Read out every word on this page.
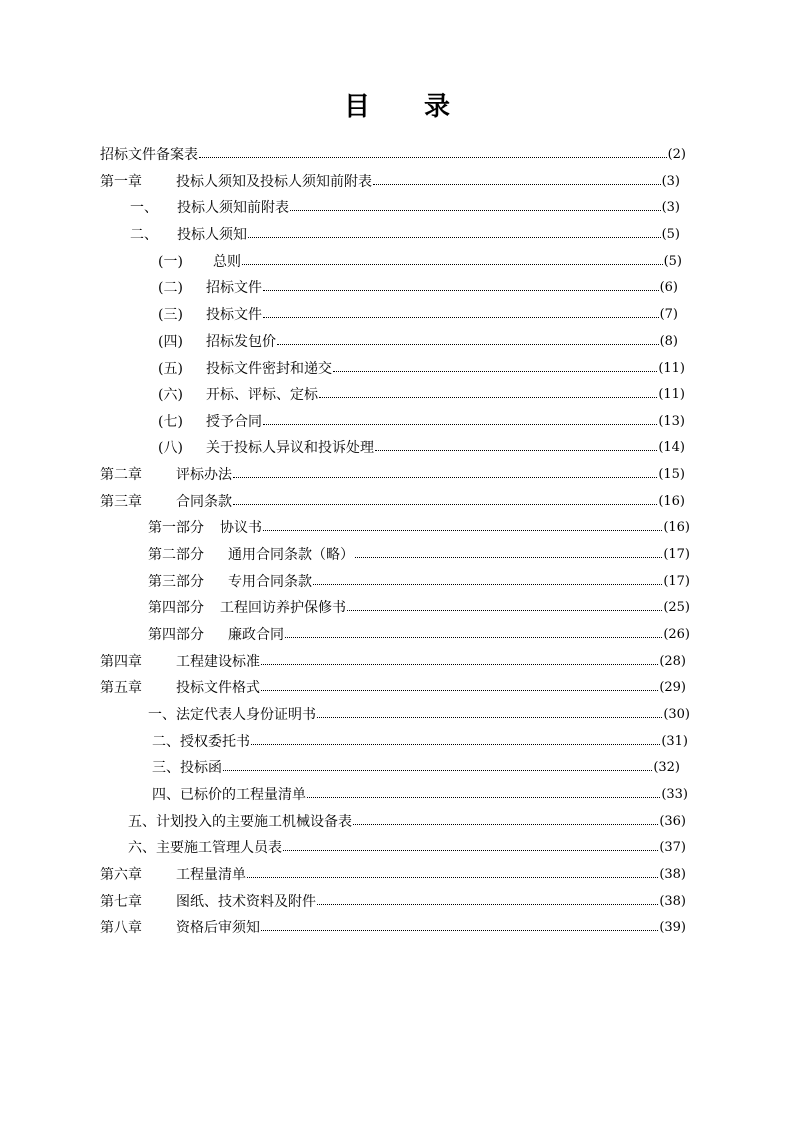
目 录
招标文件备案表	(2)
第一章	投标人须知及投标人须知前附表	(3)
一、	投标人须知前附表	(3)
二、	投标人须知	(5)
(一)	总则	(5)
(二)	招标文件	(6)
(三)	投标文件	(7)
(四)	招标发包价	(8)
(五)	投标文件密封和递交	(11)
(六)	开标、评标、定标	(11)
(七)	授予合同	(13)
(八)	关于投标人异议和投诉处理	(14)
第二章	评标办法	(15)
第三章	合同条款	(16)
第一部分	协议书	(16)
第二部分	通用合同条款（略）	(17)
第三部分	专用合同条款	(17)
第四部分	工程回访养护保修书	(25)
第四部分	廉政合同	(26)
第四章	工程建设标准	(28)
第五章	投标文件格式	(29)
一、法定代表人身份证明书	(30)
二、授权委托书	(31)
三、投标函	(32)
四、已标价的工程量清单	(33)
五、计划投入的主要施工机械设备表	(36)
六、主要施工管理人员表	(37)
第六章	工程量清单	(38)
第七章	图纸、技术资料及附件	(38)
第八章	资格后审须知	(39)
